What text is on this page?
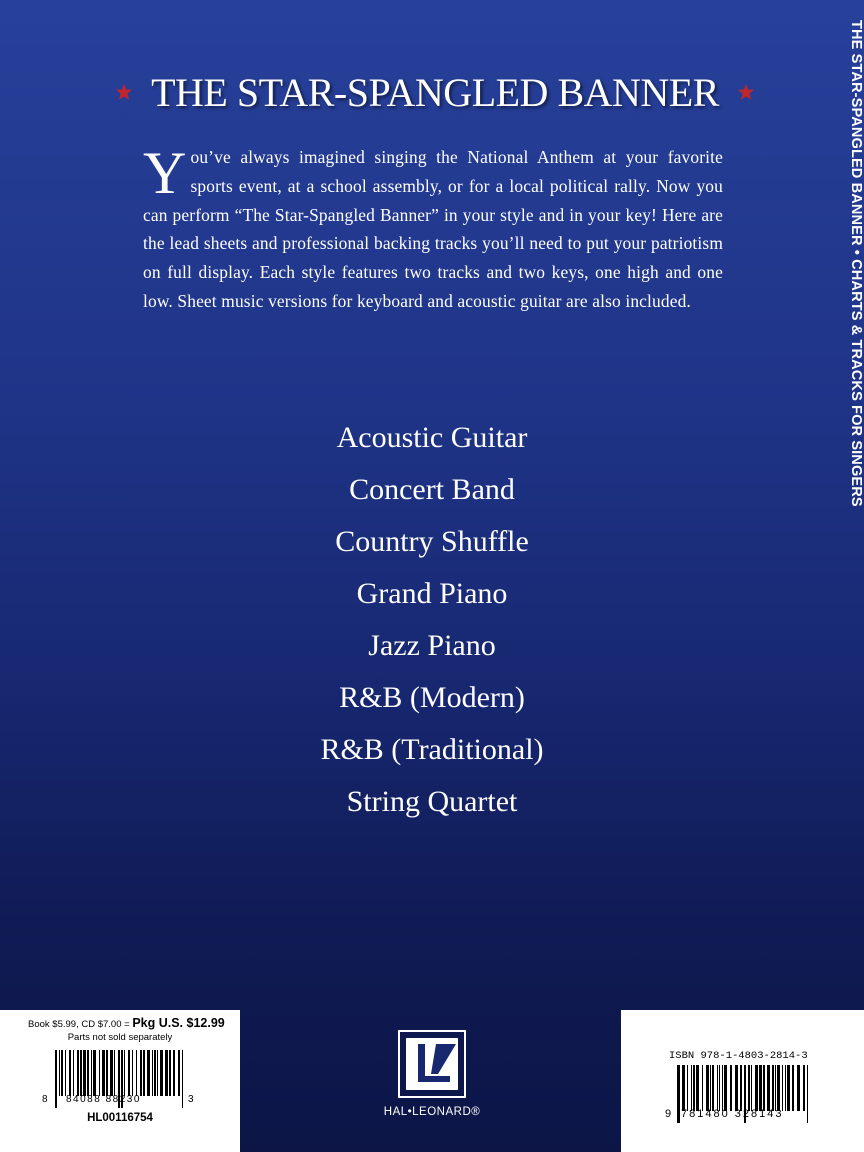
THE STAR-SPANGLED BANNER
You’ve always imagined singing the National Anthem at your favorite sports event, at a school assembly, or for a local political rally. Now you can perform “The Star-Spangled Banner” in your style and in your key! Here are the lead sheets and professional backing tracks you’ll need to put your patriotism on full display. Each style features two tracks and two keys, one high and one low. Sheet music versions for keyboard and acoustic guitar are also included.
Acoustic Guitar
Concert Band
Country Shuffle
Grand Piano
Jazz Piano
R&B (Modern)
R&B (Traditional)
String Quartet
THE STAR-SPANGLED BANNER • CHARTS & TRACKS FOR SINGERS
Book $5.99, CD $7.00 = Pkg U.S. $12.99
Parts not sold separately
8 84088 88230	3
HL00116754	HAL•LEONARD®
ISBN 978-1-4803-2814-3
9 781480 328143
